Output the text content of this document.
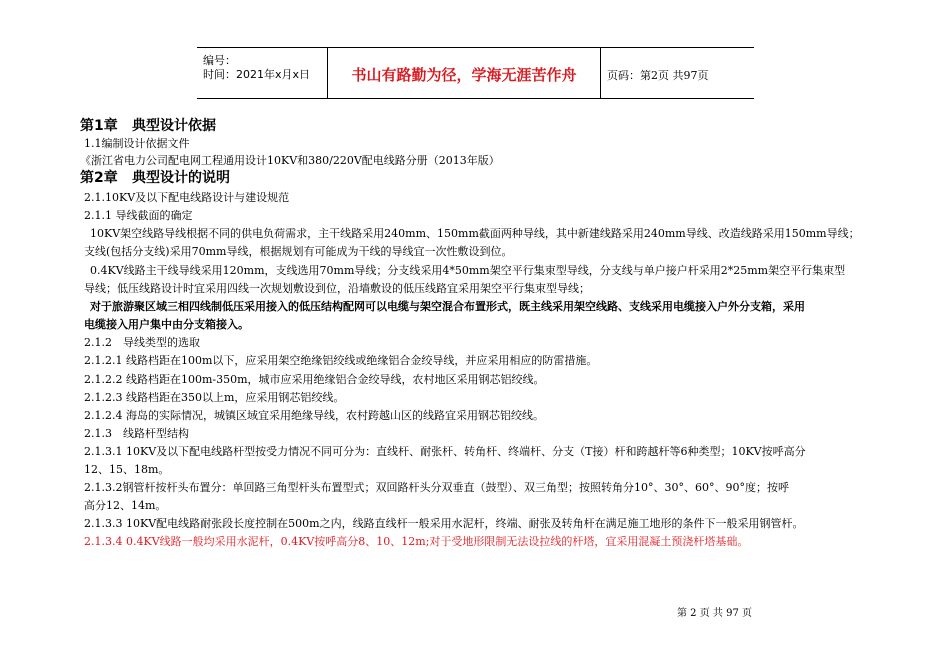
编号：
时间：2021年x月x日	书山有路勤为径，学海无涯苦作舟	页码：第2页 共97页
第1章 典型设计依据
1.1编制设计依据文件
《浙江省电力公司配电网工程通用设计10KV和380/220V配电线路分册（2013年版）
第2章 典型设计的说明
2.1.10KV及以下配电线路设计与建设规范
2.1.1 导线截面的确定
10KV架空线路导线根据不同的供电负荷需求，主干线路采用240mm、150mm截面两种导线，其中新建线路采用240mm导线、改造线路采用150mm导线；
支线(包括分支线)采用70mm导线，根据规划有可能成为干线的导线宜一次性敷设到位。
0.4KV线路主干线导线采用120mm，支线选用70mm导线；分支线采用4*50mm架空平行集束型导线，分支线与单户接户杆采用2*25mm架空平行集束型
导线；低压线路设计时宜采用四线一次规划敷设到位，沿墙敷设的低压线路宜采用架空平行集束型导线；
对于旅游聚区域三相四线制低压采用接入的低压结构配网可以电缆与架空混合布置形式，既主线采用架空线路、支线采用电缆接入户外分支箱，采用
电缆接入用户集中由分支箱接入。
2.1.2　导线类型的选取
2.1.2.1 线路档距在100m以下，应采用架空绝缘铝绞线或绝缘铝合金绞导线，并应采用相应的防雷措施。
2.1.2.2 线路档距在100m-350m，城市应采用绝缘铝合金绞导线，农村地区采用钢芯铝绞线。
2.1.2.3 线路档距在350以上m，应采用钢芯铝绞线。
2.1.2.4 海岛的实际情况，城镇区域宜采用绝缘导线，农村跨越山区的线路宜采用钢芯铝绞线。
2.1.3　线路杆型结构
2.1.3.1 10KV及以下配电线路杆型按受力情况不同可分为：直线杆、耐张杆、转角杆、终端杆、分支（T接）杆和跨越杆等6种类型；10KV按呼高分
12、15、18m。
2.1.3.2钢管杆按杆头布置分：单回路三角型杆头布置型式；双回路杆头分双垂直（鼓型）、双三角型；按照转角分10°、30°、60°、90°度；按呼
高分12、14m。
2.1.3.3 10KV配电线路耐张段长度控制在500m之内，线路直线杆一般采用水泥杆，终端、耐张及转角杆在满足施工地形的条件下一般采用钢管杆。
2.1.3.4 0.4KV线路一般均采用水泥杆，0.4KV按呼高分8、10、12m;对于受地形限制无法设拉线的杆塔，宜采用混凝土预浇杆塔基础。
第 2 页 共 97 页
